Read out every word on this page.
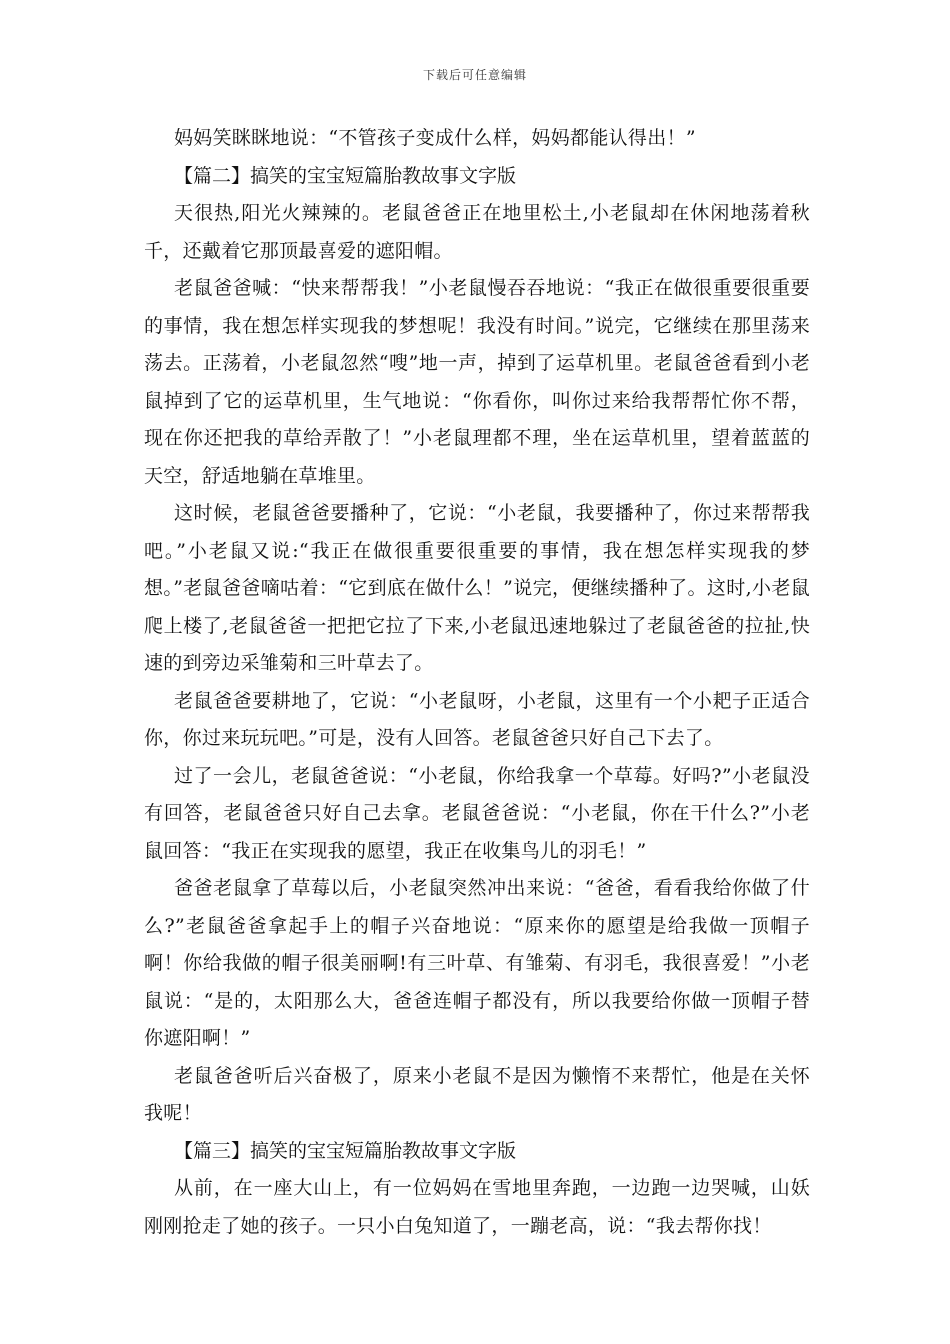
下载后可任意编辑

妈妈笑眯眯地说：“不管孩子变成什么样，妈妈都能认得出！”

【篇二】搞笑的宝宝短篇胎教故事文字版

天很热,阳光火辣辣的。老鼠爸爸正在地里松土,小老鼠却在休闲地荡着秋千，还戴着它那顶最喜爱的遮阳帽。

老鼠爸爸喊：“快来帮帮我！”小老鼠慢吞吞地说：“我正在做很重要很重要的事情，我在想怎样实现我的梦想呢！我没有时间。”说完，它继续在那里荡来荡去。正荡着，小老鼠忽然“嗖”地一声，掉到了运草机里。老鼠爸爸看到小老鼠掉到了它的运草机里，生气地说：“你看你，叫你过来给我帮帮忙你不帮，现在你还把我的草给弄散了！”小老鼠理都不理，坐在运草机里，望着蓝蓝的天空，舒适地躺在草堆里。

这时候，老鼠爸爸要播种了，它说：“小老鼠，我要播种了，你过来帮帮我吧。”小老鼠又说:“我正在做很重要很重要的事情，我在想怎样实现我的梦想。”老鼠爸爸嘀咕着：“它到底在做什么！”说完，便继续播种了。这时,小老鼠爬上楼了,老鼠爸爸一把把它拉了下来,小老鼠迅速地躲过了老鼠爸爸的拉扯,快速的到旁边采雏菊和三叶草去了。

老鼠爸爸要耕地了，它说：“小老鼠呀，小老鼠，这里有一个小耙子正适合你，你过来玩玩吧。”可是，没有人回答。老鼠爸爸只好自己下去了。

过了一会儿，老鼠爸爸说：“小老鼠，你给我拿一个草莓。好吗?”小老鼠没有回答，老鼠爸爸只好自己去拿。老鼠爸爸说：“小老鼠，你在干什么?”小老鼠回答：“我正在实现我的愿望，我正在收集鸟儿的羽毛！”

爸爸老鼠拿了草莓以后，小老鼠突然冲出来说：“爸爸，看看我给你做了什么?”老鼠爸爸拿起手上的帽子兴奋地说：“原来你的愿望是给我做一顶帽子啊！你给我做的帽子很美丽啊!有三叶草、有雏菊、有羽毛，我很喜爱！”小老鼠说：“是的，太阳那么大，爸爸连帽子都没有，所以我要给你做一顶帽子替你遮阳啊！”

老鼠爸爸听后兴奋极了，原来小老鼠不是因为懒惰不来帮忙，他是在关怀我呢！

【篇三】搞笑的宝宝短篇胎教故事文字版

从前，在一座大山上，有一位妈妈在雪地里奔跑，一边跑一边哭喊，山妖刚刚抢走了她的孩子。一只小白兔知道了，一蹦老高，说：“我去帮你找！
